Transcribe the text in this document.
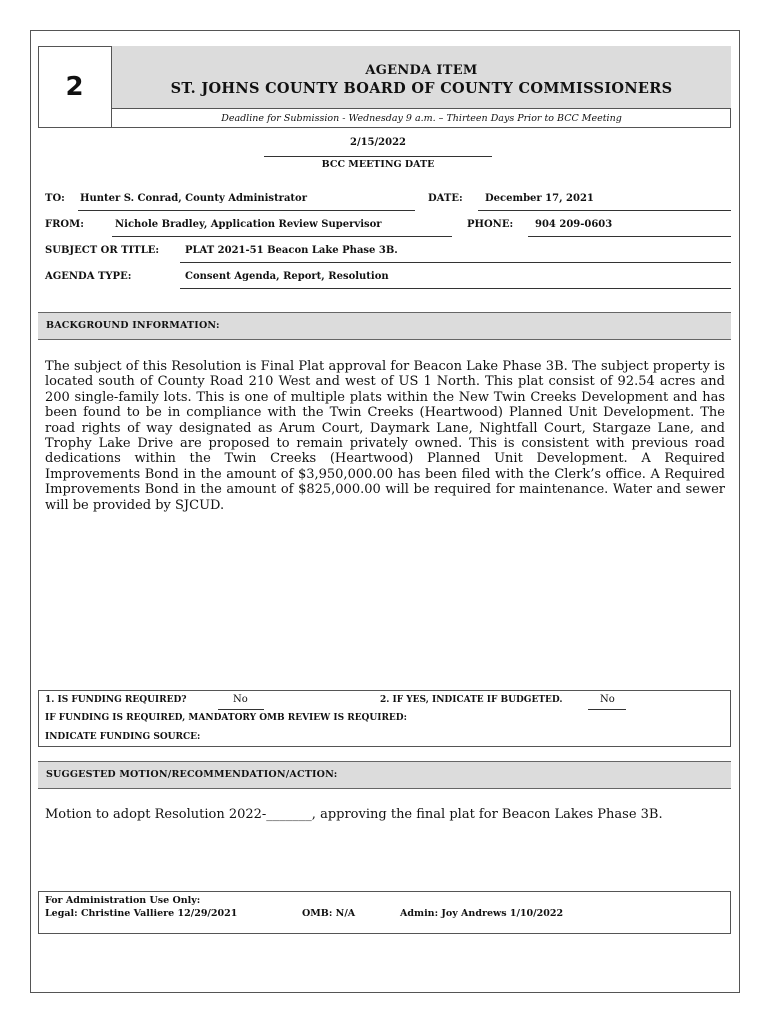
2
AGENDA ITEM
ST. JOHNS COUNTY BOARD OF COUNTY COMMISSIONERS
Deadline for Submission - Wednesday 9 a.m. – Thirteen Days Prior to BCC Meeting
2/15/2022
BCC MEETING DATE
TO: Hunter S. Conrad, County Administrator	DATE: December 17, 2021
FROM:	Nichole Bradley, Application Review Supervisor	PHONE: 904 209-0603
SUBJECT OR TITLE:	PLAT 2021-51 Beacon Lake Phase 3B.
AGENDA TYPE:	Consent Agenda, Report, Resolution
BACKGROUND INFORMATION:
The subject of this Resolution is Final Plat approval for Beacon Lake Phase 3B. The subject property is located south of County Road 210 West and west of US 1 North. This plat consist of 92.54 acres and 200 single-family lots. This is one of multiple plats within the New Twin Creeks Development and has been found to be in compliance with the Twin Creeks (Heartwood) Planned Unit Development. The road rights of way designated as Arum Court, Daymark Lane, Nightfall Court, Stargaze Lane, and Trophy Lake Drive are proposed to remain privately owned. This is consistent with previous road dedications within the Twin Creeks (Heartwood) Planned Unit Development. A Required Improvements Bond in the amount of $3,950,000.00 has been filed with the Clerk’s office. A Required Improvements Bond in the amount of $825,000.00 will be required for maintenance. Water and sewer will be provided by SJCUD.
1. IS FUNDING REQUIRED?	No	2. IF YES, INDICATE IF BUDGETED.	No
IF FUNDING IS REQUIRED, MANDATORY OMB REVIEW IS REQUIRED:
INDICATE FUNDING SOURCE:
SUGGESTED MOTION/RECOMMENDATION/ACTION:
Motion to adopt Resolution 2022-_______, approving the final plat for Beacon Lakes Phase 3B.
For Administration Use Only:
Legal: Christine Valliere 12/29/2021	OMB: N/A	Admin: Joy Andrews 1/10/2022
